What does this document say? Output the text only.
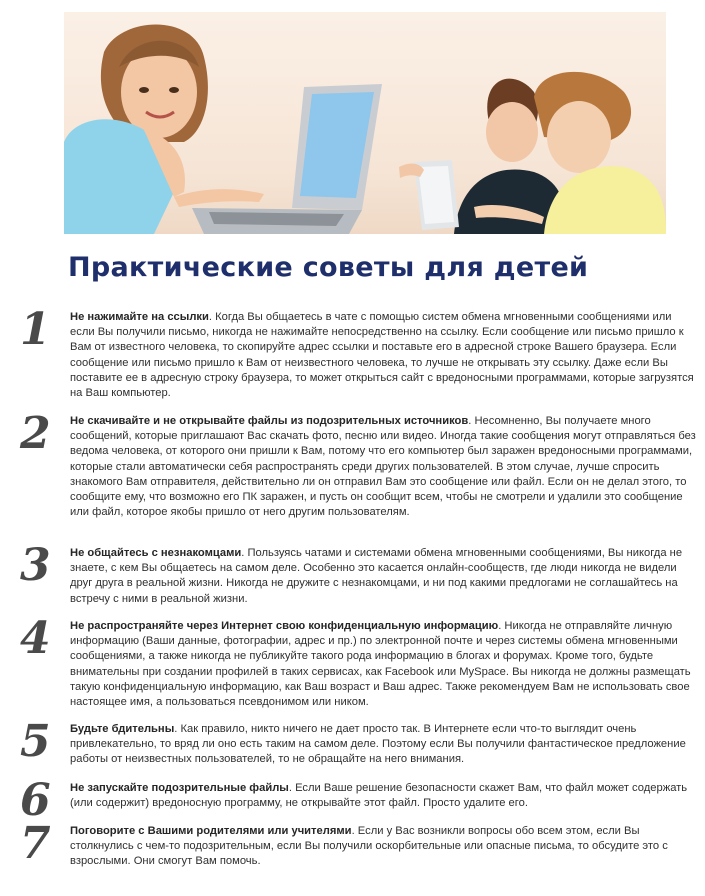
Практические советы для детей
1	Не нажимайте на ссылки. Когда Вы общаетесь в чате с помощью систем обмена мгновенными сообщениями или если Вы получили письмо, никогда не нажимайте непосредственно на ссылку. Если сообщение или письмо пришло к Вам от известного человека, то скопируйте адрес ссылки и поставьте его в адресной строке Вашего браузера. Если сообщение или письмо пришло к Вам от неизвестного человека, то лучше не открывать эту ссылку. Даже если Вы поставите ее в адресную строку браузера, то может открыться сайт с вредоносными программами, которые загрузятся на Ваш компьютер.

2	Не скачивайте и не открывайте файлы из подозрительных источников. Несомненно, Вы получаете много сообщений, которые приглашают Вас скачать фото, песню или видео. Иногда такие сообщения могут отправляться без ведома человека, от которого они пришли к Вам, потому что его компьютер был заражен вредоносными программами, которые стали автоматически себя распространять среди других пользователей. В этом случае, лучше спросить знакомого Вам отправителя, действительно ли он отправил Вам это сообщение или файл. Если он не делал этого, то сообщите ему, что возможно его ПК заражен, и пусть он сообщит всем, чтобы не смотрели и удалили это сообщение или файл, которое якобы пришло от него другим пользователям.

3	Не общайтесь с незнакомцами. Пользуясь чатами и системами обмена мгновенными сообщениями, Вы никогда не знаете, с кем Вы общаетесь на самом деле. Особенно это касается онлайн-сообществ, где люди никогда не видели друг друга в реальной жизни. Никогда не дружите с незнакомцами, и ни под какими предлогами не соглашайтесь на встречу с ними в реальной жизни.

4	Не распространяйте через Интернет свою конфиденциальную информацию. Никогда не отправляйте личную информацию (Ваши данные, фотографии, адрес и пр.) по электронной почте и через системы обмена мгновенными сообщениями, а также никогда не публикуйте такого рода информацию в блогах и форумах. Кроме того, будьте внимательны при создании профилей в таких сервисах, как Facebook или MySpace. Вы никогда не должны размещать такую конфиденциальную информацию, как Ваш возраст и Ваш адрес. Также рекомендуем Вам не использовать свое настоящее имя, а пользоваться псевдонимом или ником.

5	Будьте бдительны. Как правило, никто ничего не дает просто так. В Интернете если что-то выглядит очень привлекательно, то вряд ли оно есть таким на самом деле. Поэтому если Вы получили фантастическое предложение работы от неизвестных пользователей, то не обращайте на него внимания.

6	Не запускайте подозрительные файлы. Если Ваше решение безопасности скажет Вам, что файл может содержать (или содержит) вредоносную программу, не открывайте этот файл. Просто удалите его.

7	Поговорите с Вашими родителями или учителями. Если у Вас возникли вопросы обо всем этом, если Вы столкнулись с чем-то подозрительным, если Вы получили оскорбительные или опасные письма, то обсудите это с взрослыми. Они смогут Вам помочь.
